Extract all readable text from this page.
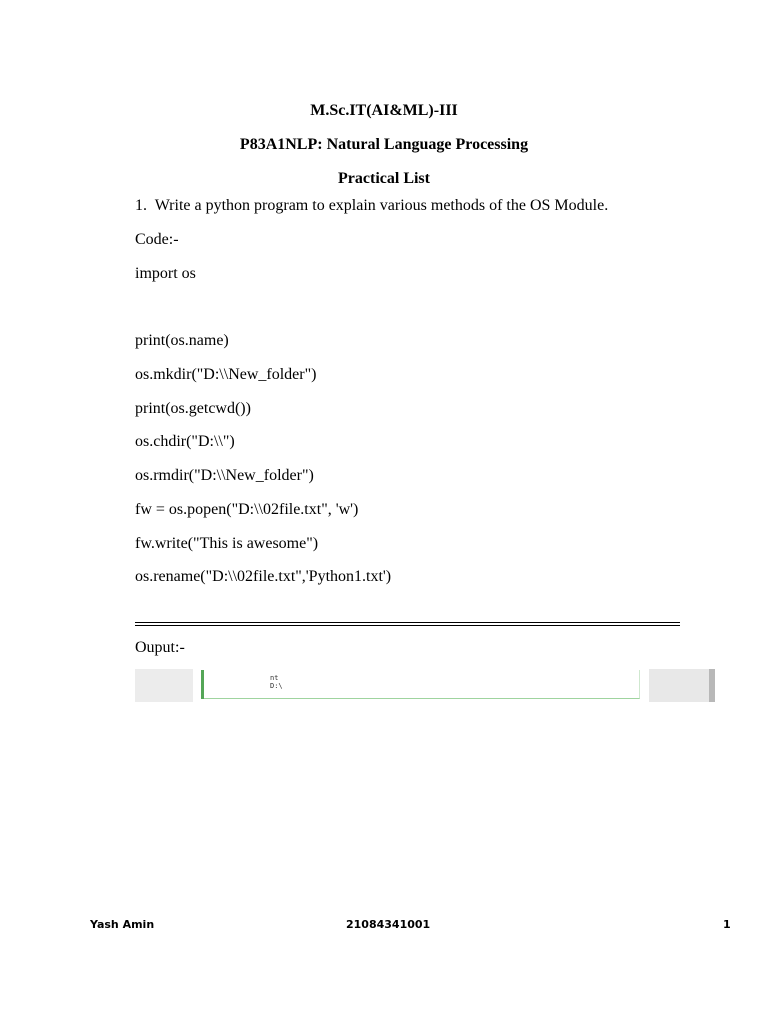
M.Sc.IT(AI&ML)-III
P83A1NLP: Natural Language Processing
Practical List
1.  Write a python program to explain various methods of the OS Module.
Code:-
import os
print(os.name)
os.mkdir("D:\\New_folder")
print(os.getcwd())
os.chdir("D:\\")
os.rmdir("D:\\New_folder")
fw = os.popen("D:\\02file.txt", 'w')
fw.write("This is awesome")
os.rename("D:\\02file.txt",'Python1.txt')
Ouput:-
nt
D:\
Yash Amin	21084341001	1
